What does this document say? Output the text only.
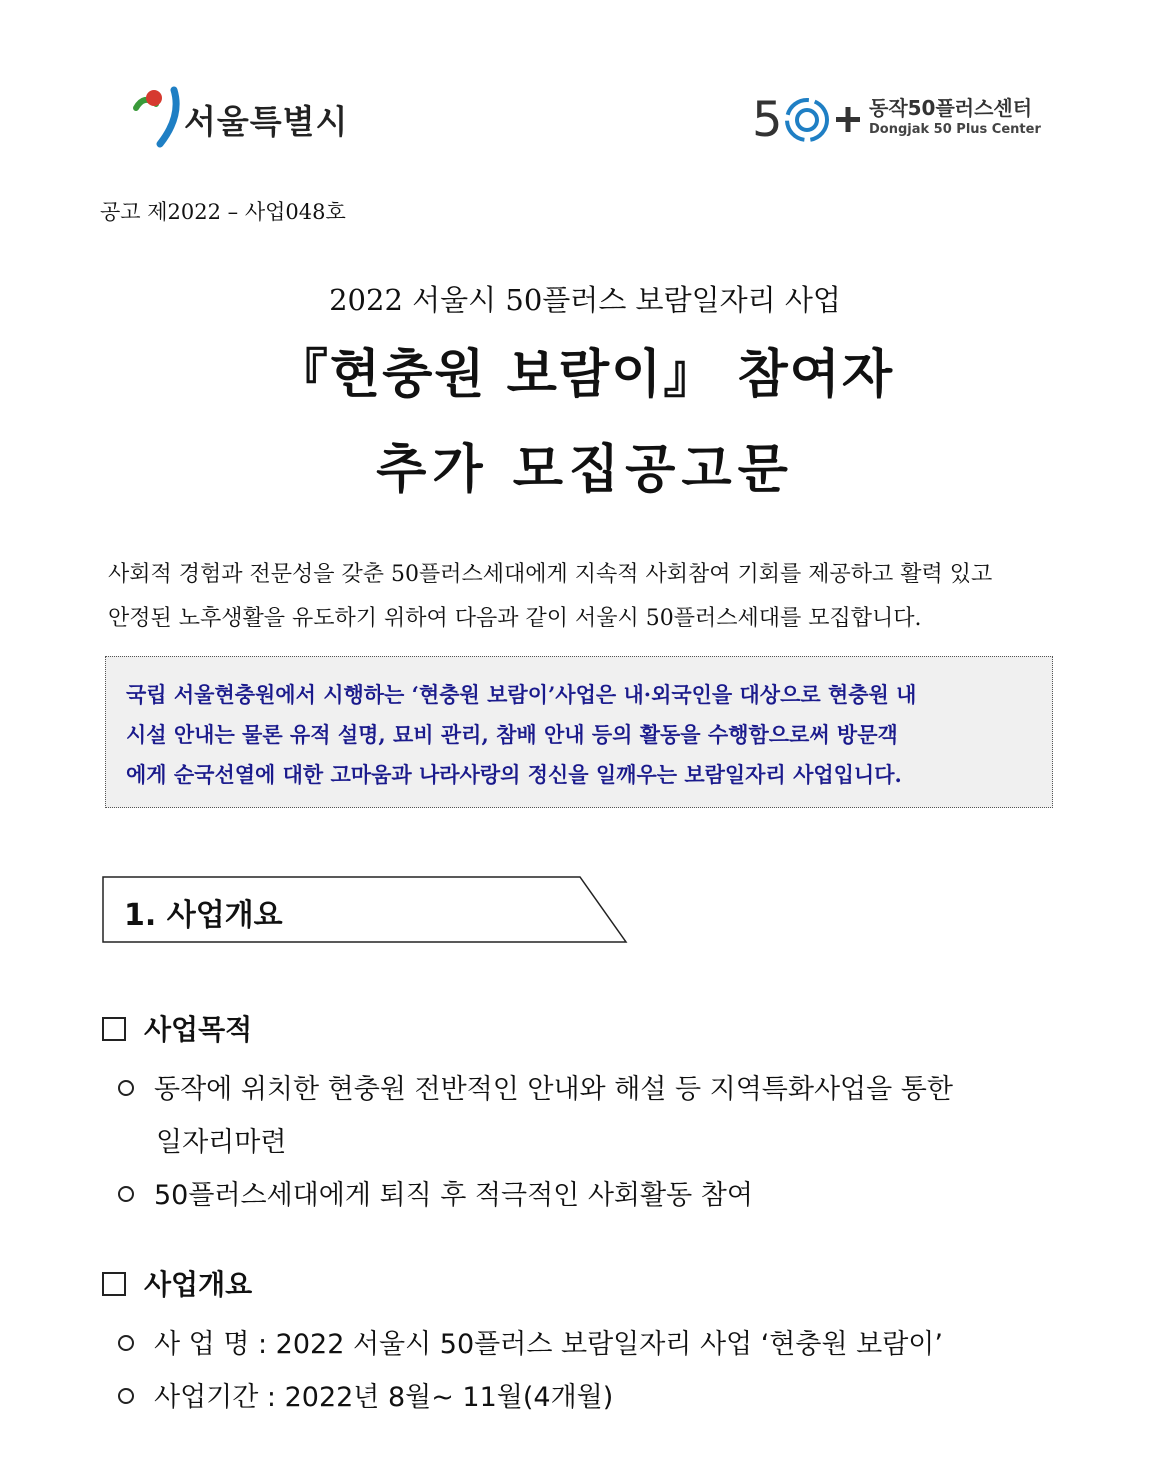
서울특별시	5	동작50플러스센터
Dongjak 50 Plus Center
공고 제2022 – 사업048호
2022 서울시 50플러스 보람일자리 사업
『현충원 보람이』 참여자
추가 모집공고문
사회적 경험과 전문성을 갖춘 50플러스세대에게 지속적 사회참여 기회를 제공하고 활력 있고
안정된 노후생활을 유도하기 위하여 다음과 같이 서울시 50플러스세대를 모집합니다.
국립 서울현충원에서 시행하는 ‘현충원 보람이’사업은 내·외국인을 대상으로 현충원 내
시설 안내는 물론 유적 설명, 묘비 관리, 참배 안내 등의 활동을 수행함으로써 방문객
에게 순국선열에 대한 고마움과 나라사랑의 정신을 일깨우는 보람일자리 사업입니다.
1. 사업개요
사업목적
동작에 위치한 현충원 전반적인 안내와 해설 등 지역특화사업을 통한
일자리마련
50플러스세대에게 퇴직 후 적극적인 사회활동 참여
사업개요
사 업 명 : 2022 서울시 50플러스 보람일자리 사업 ‘현충원 보람이’
사업기간 : 2022년 8월~ 11월(4개월)
